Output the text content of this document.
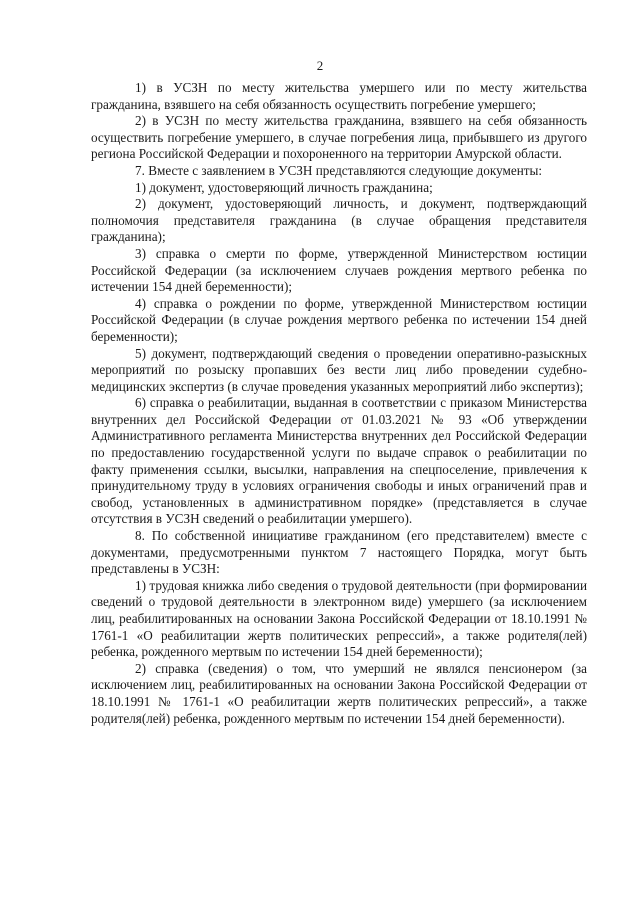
2

1) в УСЗН по месту жительства умершего или по месту жительства гражданина, взявшего на себя обязанность осуществить погребение умершего;

2) в УСЗН по месту жительства гражданина, взявшего на себя обязанность осуществить погребение умершего, в случае погребения лица, прибывшего из другого региона Российской Федерации и похороненного на территории Амурской области.

7. Вместе с заявлением в УСЗН представляются следующие документы:

1) документ, удостоверяющий личность гражданина;

2) документ, удостоверяющий личность, и документ, подтверждающий полномочия представителя гражданина (в случае обращения представителя гражданина);

3) справка о смерти по форме, утвержденной Министерством юстиции Российской Федерации (за исключением случаев рождения мертвого ребенка по истечении 154 дней беременности);

4) справка о рождении по форме, утвержденной Министерством юстиции Российской Федерации (в случае рождения мертвого ребенка по истечении 154 дней беременности);

5) документ, подтверждающий сведения о проведении оперативно-разыскных мероприятий по розыску пропавших без вести лиц либо проведении судебно-медицинских экспертиз (в случае проведения указанных мероприятий либо экспертиз);

6) справка о реабилитации, выданная в соответствии с приказом Министерства внутренних дел Российской Федерации от 01.03.2021 № 93 «Об утверждении Административного регламента Министерства внутренних дел Российской Федерации по предоставлению государственной услуги по выдаче справок о реабилитации по факту применения ссылки, высылки, направления на спецпоселение, привлечения к принудительному труду в условиях ограничения свободы и иных ограничений прав и свобод, установленных в административном порядке» (представляется в случае отсутствия в УСЗН сведений о реабилитации умершего).

8. По собственной инициативе гражданином (его представителем) вместе с документами, предусмотренными пунктом 7 настоящего Порядка, могут быть представлены в УСЗН:

1) трудовая книжка либо сведения о трудовой деятельности (при формировании сведений о трудовой деятельности в электронном виде) умершего (за исключением лиц, реабилитированных на основании Закона Российской Федерации от 18.10.1991 № 1761-1 «О реабилитации жертв политических репрессий», а также родителя(лей) ребенка, рожденного мертвым по истечении 154 дней беременности);

2) справка (сведения) о том, что умерший не являлся пенсионером (за исключением лиц, реабилитированных на основании Закона Российской Федерации от 18.10.1991 № 1761-1 «О реабилитации жертв политических репрессий», а также родителя(лей) ребенка, рожденного мертвым по истечении 154 дней беременности).
